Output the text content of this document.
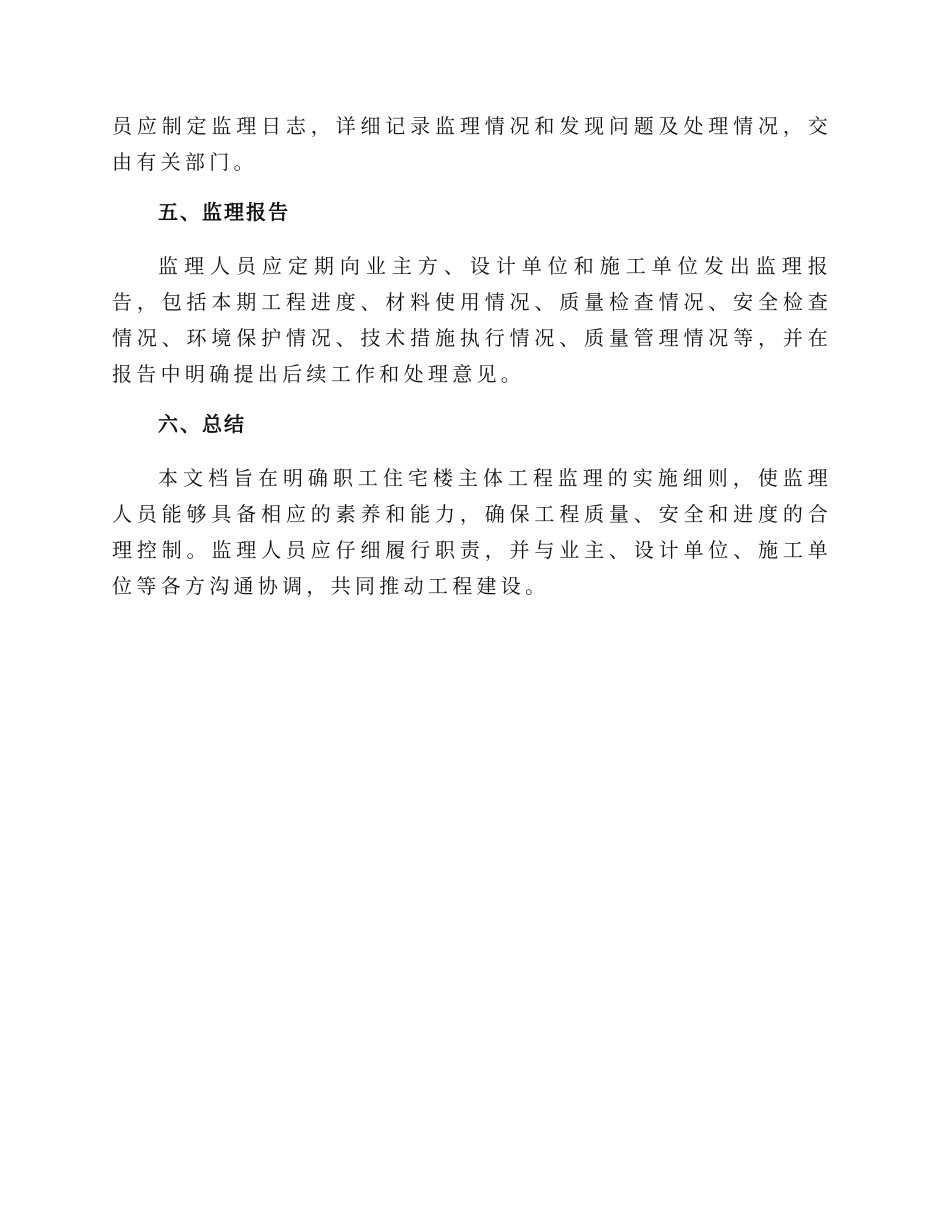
员应制定监理日志，详细记录监理情况和发现问题及处理情况，交由有关部门。

五、监理报告

监理人员应定期向业主方、设计单位和施工单位发出监理报告，包括本期工程进度、材料使用情况、质量检查情况、安全检查情况、环境保护情况、技术措施执行情况、质量管理情况等，并在报告中明确提出后续工作和处理意见。

六、总结

本文档旨在明确职工住宅楼主体工程监理的实施细则，使监理人员能够具备相应的素养和能力，确保工程质量、安全和进度的合理控制。监理人员应仔细履行职责，并与业主、设计单位、施工单位等各方沟通协调，共同推动工程建设。
